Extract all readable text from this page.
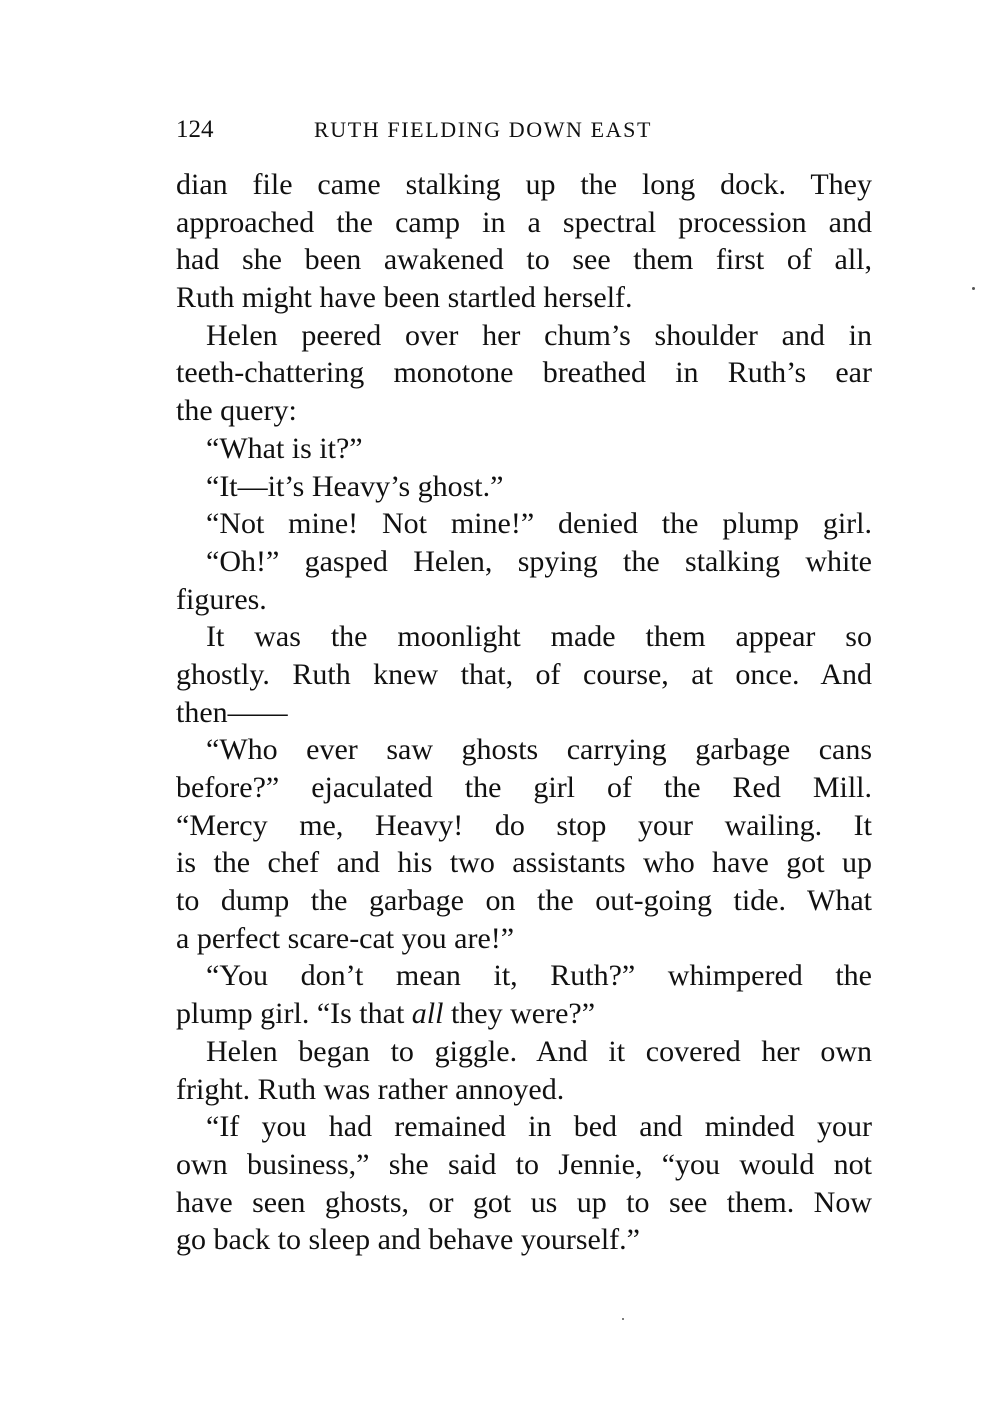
124	RUTH FIELDING DOWN EAST
dian file came stalking up the long dock. They
approached the camp in a spectral procession and
had she been awakened to see them first of all,
Ruth might have been startled herself.
Helen peered over her chum’s shoulder and in
teeth-chattering monotone breathed in Ruth’s ear
the query:
“What is it?”
“It—it’s Heavy’s ghost.”
“Not mine! Not mine!” denied the plump girl.
“Oh!” gasped Helen, spying the stalking white
figures.
It was the moonlight made them appear so
ghostly. Ruth knew that, of course, at once. And
then——
“Who ever saw ghosts carrying garbage cans
before?” ejaculated the girl of the Red Mill.
“Mercy me, Heavy! do stop your wailing. It
is the chef and his two assistants who have got up
to dump the garbage on the out-going tide. What
a perfect scare-cat you are!”
“You don’t mean it, Ruth?” whimpered the
plump girl. “Is that all they were?”
Helen began to giggle. And it covered her own
fright. Ruth was rather annoyed.
“If you had remained in bed and minded your
own business,” she said to Jennie, “you would not
have seen ghosts, or got us up to see them. Now
go back to sleep and behave yourself.”
